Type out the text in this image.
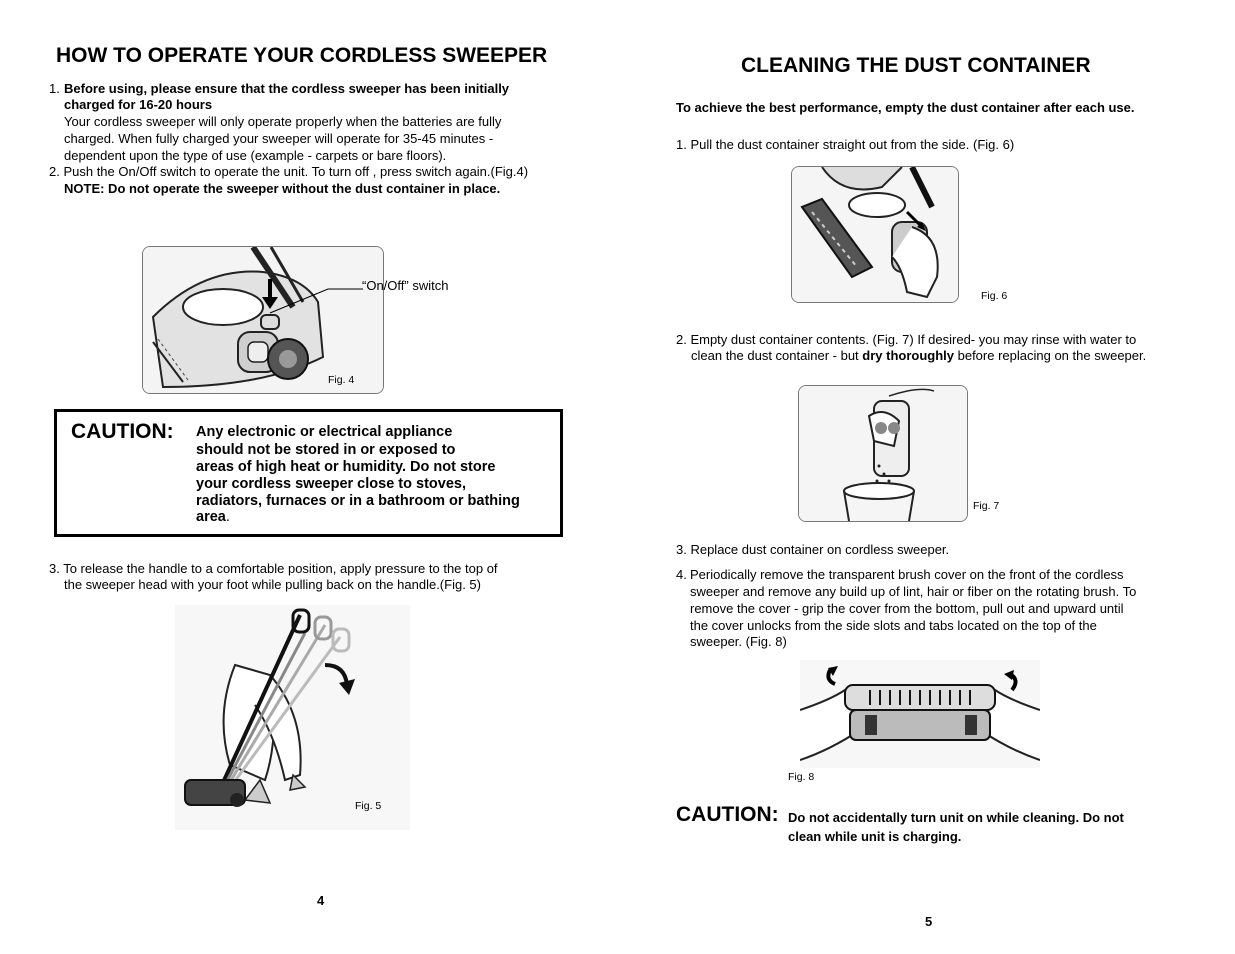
HOW TO OPERATE YOUR CORDLESS SWEEPER
1. Before using, please ensure that the cordless sweeper has been initially
charged for 16-20 hours
Your cordless sweeper will only operate properly when the batteries are fully
charged. When fully charged your sweeper will operate for 35-45 minutes -
dependent upon the type of use (example - carpets or bare floors).
2. Push the On/Off switch to operate the unit. To turn off , press switch again.(Fig.4)
NOTE: Do not operate the sweeper without the dust container in place.
“On/Off” switch
Fig. 4
CAUTION: Any electronic or electrical appliance
should not be stored in or exposed to
areas of high heat or humidity. Do not store
your cordless sweeper close to stoves,
radiators, furnaces or in a bathroom or bathing
area.
3. To release the handle to a comfortable position, apply pressure to the top of
the sweeper head with your foot while pulling back on the handle.(Fig. 5)
Fig. 5
4
CLEANING THE DUST CONTAINER
To achieve the best performance, empty the dust container after each use.
1. Pull the dust container straight out from the side. (Fig. 6)
Fig. 6
2. Empty dust container contents. (Fig. 7) If desired- you may rinse with water to
clean the dust container - but dry thoroughly before replacing on the sweeper.
Fig. 7
3. Replace dust container on cordless sweeper.
4. Periodically remove the transparent brush cover on the front of the cordless
sweeper and remove any build up of lint, hair or fiber on the rotating brush. To
remove the cover - grip the cover from the bottom, pull out and upward until
the cover unlocks from the side slots and tabs located on the top of the
sweeper. (Fig. 8)
Fig. 8
CAUTION: Do not accidentally turn unit on while cleaning. Do not
clean while unit is charging.
5
